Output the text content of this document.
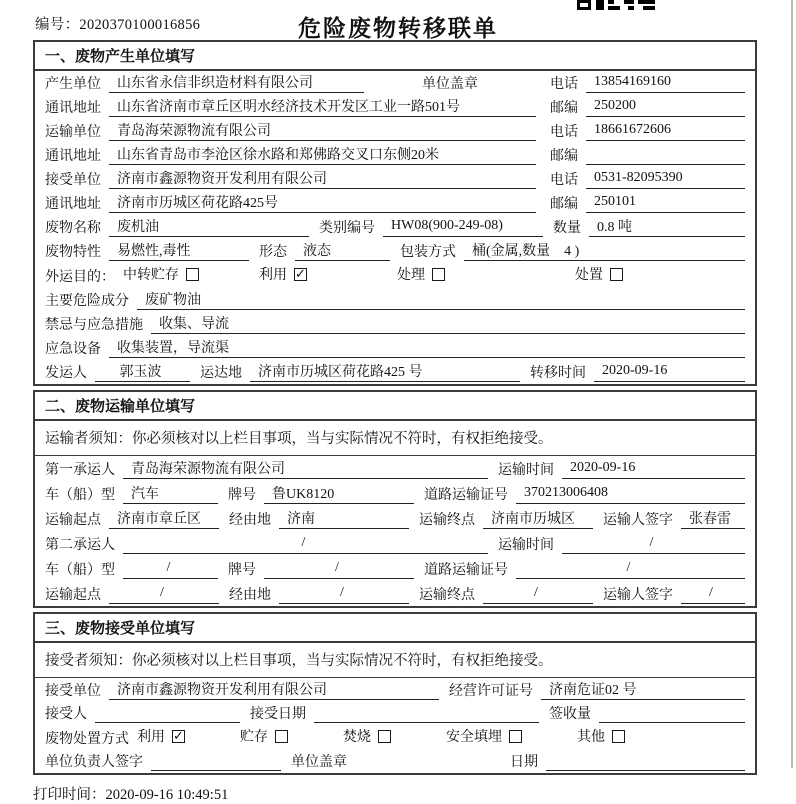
编号：2020370100016856	危险废物转移联单
一、废物产生单位填写
产生单位	山东省永信非织造材料有限公司	单位盖章	电话	13854169160
通讯地址	山东省济南市章丘区明水经济技术开发区工业一路501号	邮编	250200
运输单位	青岛海荣源物流有限公司	电话	18661672606
通讯地址	山东省青岛市李沧区徐水路和郑佛路交叉口东侧20米	邮编
接受单位	济南市鑫源物资开发利用有限公司	电话	0531-82095390
通讯地址	济南市历城区荷花路425号	邮编	250101
废物名称	废机油	类别编号	HW08(900-249-08)	数量	0.8 吨
废物特性	易燃性,毒性	形态	液态	包装方式	桶(金属,数量　4 )
外运目的： 中转贮存	利用 ✓	处理	处置
主要危险成分	废矿物油
禁忌与应急措施	收集、导流
应急设备	收集装置，导流渠
发运人	郭玉波	运达地	济南市历城区荷花路425 号	转移时间	2020-09-16
二、废物运输单位填写
运输者须知：你必须核对以上栏目事项，当与实际情况不符时，有权拒绝接受。
第一承运人	青岛海荣源物流有限公司	运输时间	2020-09-16
车（船）型	汽车	牌号	鲁UK8120	道路运输证号	370213006408
运输起点	济南市章丘区	经由地	济南	运输终点	济南市历城区	运输人签字	张春雷
第二承运人	/	运输时间	/
车（船）型	/	牌号	/	道路运输证号	/
运输起点	/	经由地	/	运输终点	/	运输人签字	/
三、废物接受单位填写
接受者须知：你必须核对以上栏目事项，当与实际情况不符时，有权拒绝接受。
接受单位	济南市鑫源物资开发利用有限公司	经营许可证号	济南危证02 号
接受人	接受日期	签收量
废物处置方式 利用 ✓	贮存	焚烧	安全填埋	其他
单位负责人签字	单位盖章	日期
打印时间：2020-09-16 10:49:51
